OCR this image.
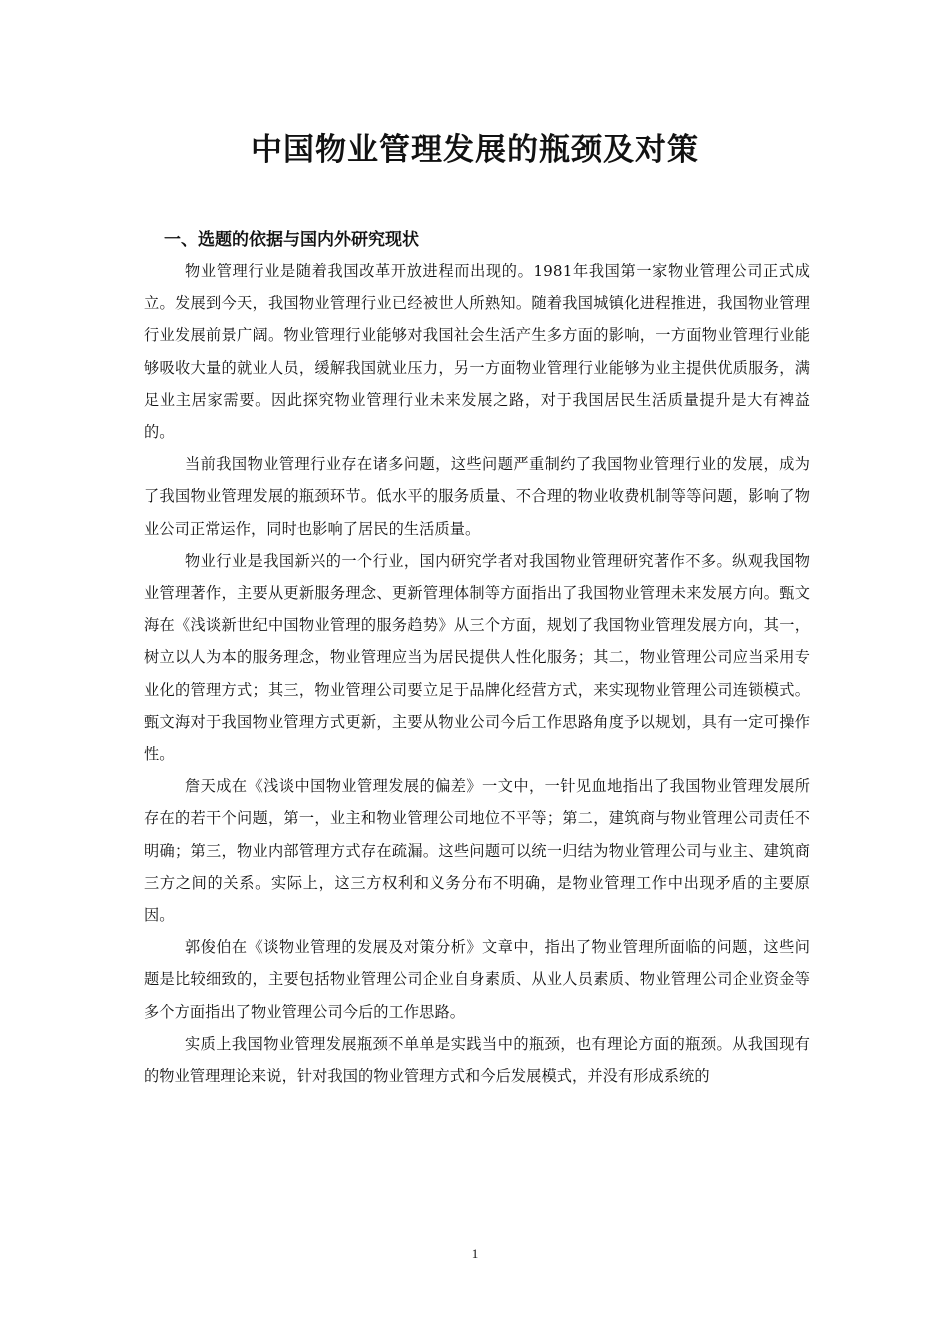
中国物业管理发展的瓶颈及对策
一、选题的依据与国内外研究现状

物业管理行业是随着我国改革开放进程而出现的。1981年我国第一家物业管理公司正式成立。发展到今天，我国物业管理行业已经被世人所熟知。随着我国城镇化进程推进，我国物业管理行业发展前景广阔。物业管理行业能够对我国社会生活产生多方面的影响，一方面物业管理行业能够吸收大量的就业人员，缓解我国就业压力，另一方面物业管理行业能够为业主提供优质服务，满足业主居家需要。因此探究物业管理行业未来发展之路，对于我国居民生活质量提升是大有裨益的。

当前我国物业管理行业存在诸多问题，这些问题严重制约了我国物业管理行业的发展，成为了我国物业管理发展的瓶颈环节。低水平的服务质量、不合理的物业收费机制等等问题，影响了物业公司正常运作，同时也影响了居民的生活质量。

物业行业是我国新兴的一个行业，国内研究学者对我国物业管理研究著作不多。纵观我国物业管理著作，主要从更新服务理念、更新管理体制等方面指出了我国物业管理未来发展方向。甄文海在《浅谈新世纪中国物业管理的服务趋势》从三个方面，规划了我国物业管理发展方向，其一，树立以人为本的服务理念，物业管理应当为居民提供人性化服务；其二，物业管理公司应当采用专业化的管理方式；其三，物业管理公司要立足于品牌化经营方式，来实现物业管理公司连锁模式。甄文海对于我国物业管理方式更新，主要从物业公司今后工作思路角度予以规划，具有一定可操作性。

詹天成在《浅谈中国物业管理发展的偏差》一文中，一针见血地指出了我国物业管理发展所存在的若干个问题，第一，业主和物业管理公司地位不平等；第二，建筑商与物业管理公司责任不明确；第三，物业内部管理方式存在疏漏。这些问题可以统一归结为物业管理公司与业主、建筑商三方之间的关系。实际上，这三方权利和义务分布不明确，是物业管理工作中出现矛盾的主要原因。

郭俊伯在《谈物业管理的发展及对策分析》文章中，指出了物业管理所面临的问题，这些问题是比较细致的，主要包括物业管理公司企业自身素质、从业人员素质、物业管理公司企业资金等多个方面指出了物业管理公司今后的工作思路。

实质上我国物业管理发展瓶颈不单单是实践当中的瓶颈，也有理论方面的瓶颈。从我国现有的物业管理理论来说，针对我国的物业管理方式和今后发展模式，并没有形成系统的

1
